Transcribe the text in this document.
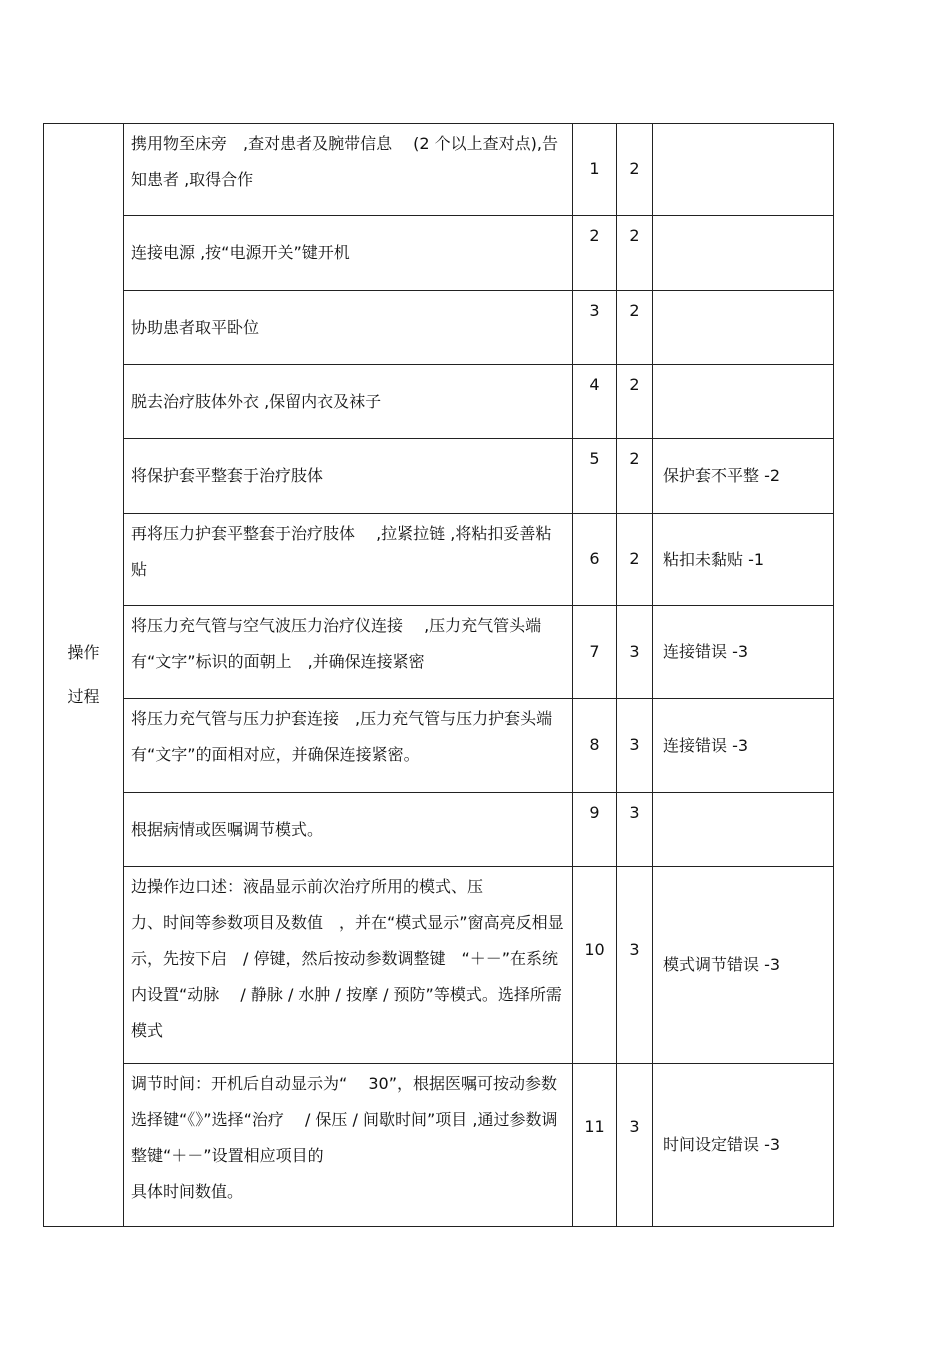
操作
过程	携用物至床旁　,查对患者及腕带信息　 (2 个以上查对点),告知患者 ,取得合作	1	2	
	连接电源 ,按“电源开关”键开机	2	2	
	协助患者取平卧位	3	2	
	脱去治疗肢体外衣 ,保留内衣及袜子	4	2	
	将保护套平整套于治疗肢体	5	2	保护套不平整 -2
	再将压力护套平整套于治疗肢体　 ,拉紧拉链 ,将粘扣妥善粘贴	6	2	粘扣未黏贴 -1
	将压力充气管与空气波压力治疗仪连接　 ,压力充气管头端有“文字”标识的面朝上　,并确保连接紧密	7	3	连接错误 -3
	将压力充气管与压力护套连接　,压力充气管与压力护套头端有“文字”的面相对应，并确保连接紧密。	8	3	连接错误 -3
	根据病情或医嘱调节模式。	9	3	
	边操作边口述：液晶显示前次治疗所用的模式、压
力、时间等参数项目及数值　，并在“模式显示”窗高亮反相显示，先按下启　/ 停键，然后按动参数调整键　“＋－”在系统内设置“动脉　 / 静脉 / 水肿 / 按摩 / 预防”等模式。选择所需模式	10	3	模式调节错误 -3
	调节时间：开机后自动显示为“　 30”，根据医嘱可按动参数选择键“《》”选择“治疗　 / 保压 / 间歇时间”项目 ,通过参数调整键“＋－”设置相应项目的
具体时间数值。	11	3	时间设定错误 -3
